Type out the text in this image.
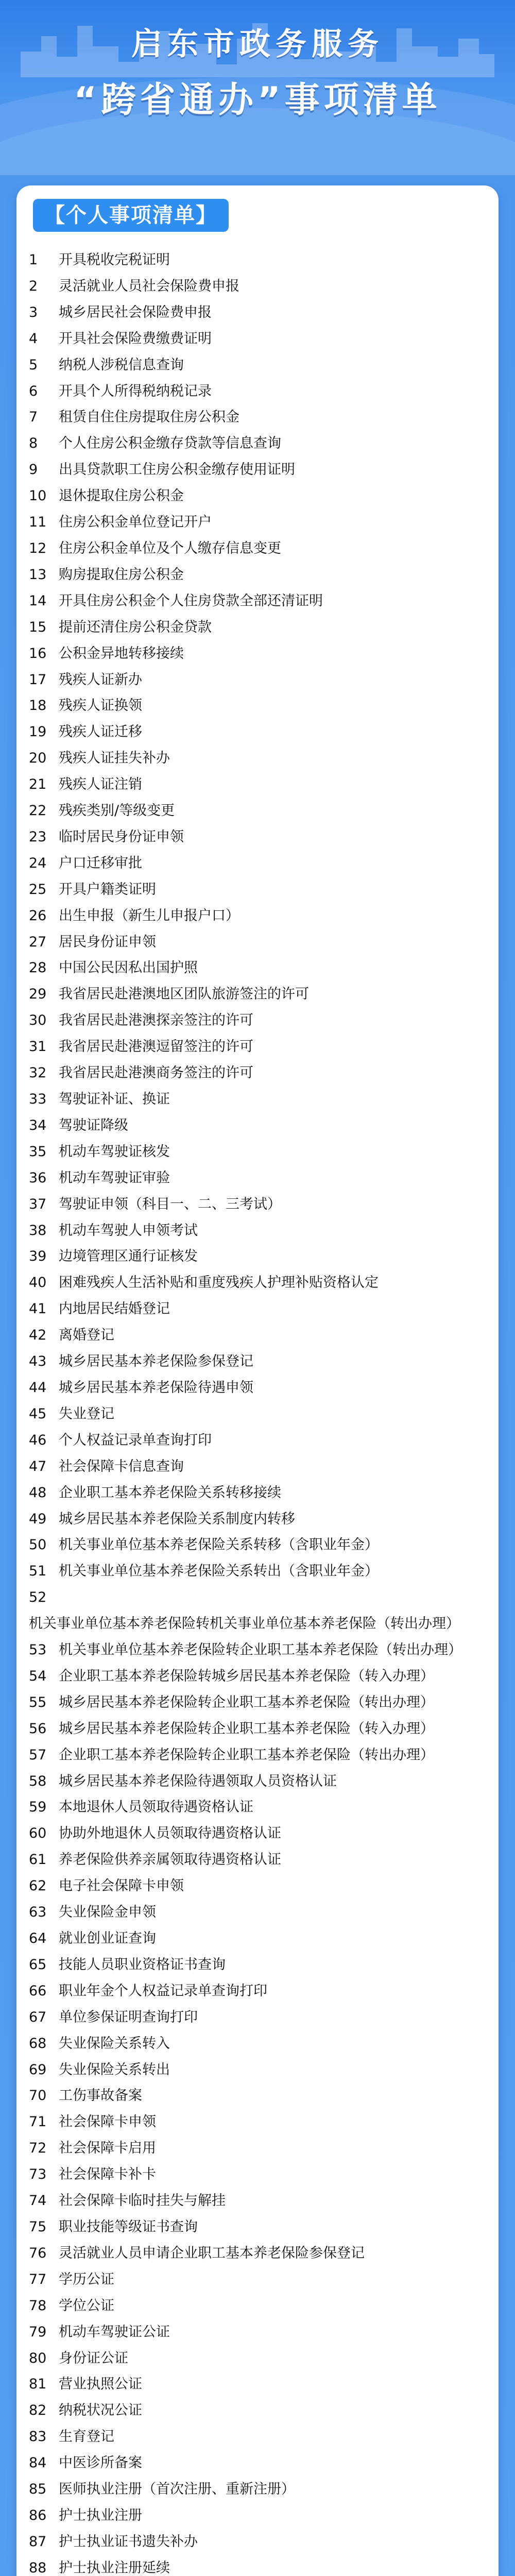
启东市政务服务
“跨省通办”事项清单
【个人事项清单】
1 开具税收完税证明
2 灵活就业人员社会保险费申报
3 城乡居民社会保险费申报
4 开具社会保险费缴费证明
5 纳税人涉税信息查询
6 开具个人所得税纳税记录
7 租赁自住住房提取住房公积金
8 个人住房公积金缴存贷款等信息查询
9 出具贷款职工住房公积金缴存使用证明
10 退休提取住房公积金
11 住房公积金单位登记开户
12 住房公积金单位及个人缴存信息变更
13 购房提取住房公积金
14 开具住房公积金个人住房贷款全部还清证明
15 提前还清住房公积金贷款
16 公积金异地转移接续
17 残疾人证新办
18 残疾人证换领
19 残疾人证迁移
20 残疾人证挂失补办
21 残疾人证注销
22 残疾类别/等级变更
23 临时居民身份证申领
24 户口迁移审批
25 开具户籍类证明
26 出生申报（新生儿申报户口）
27 居民身份证申领
28 中国公民因私出国护照
29 我省居民赴港澳地区团队旅游签注的许可
30 我省居民赴港澳探亲签注的许可
31 我省居民赴港澳逗留签注的许可
32 我省居民赴港澳商务签注的许可
33 驾驶证补证、换证
34 驾驶证降级
35 机动车驾驶证核发
36 机动车驾驶证审验
37 驾驶证申领（科目一、二、三考试）
38 机动车驾驶人申领考试
39 边境管理区通行证核发
40 困难残疾人生活补贴和重度残疾人护理补贴资格认定
41 内地居民结婚登记
42 离婚登记
43 城乡居民基本养老保险参保登记
44 城乡居民基本养老保险待遇申领
45 失业登记
46 个人权益记录单查询打印
47 社会保障卡信息查询
48 企业职工基本养老保险关系转移接续
49 城乡居民基本养老保险关系制度内转移
50 机关事业单位基本养老保险关系转移（含职业年金）
51 机关事业单位基本养老保险关系转出（含职业年金）
52机关事业单位基本养老保险转机关事业单位基本养老保险（转出办理）
53 机关事业单位基本养老保险转企业职工基本养老保险（转出办理）
54 企业职工基本养老保险转城乡居民基本养老保险（转入办理）
55 城乡居民基本养老保险转企业职工基本养老保险（转出办理）
56 城乡居民基本养老保险转企业职工基本养老保险（转入办理）
57 企业职工基本养老保险转企业职工基本养老保险（转出办理）
58 城乡居民基本养老保险待遇领取人员资格认证
59 本地退休人员领取待遇资格认证
60 协助外地退休人员领取待遇资格认证
61 养老保险供养亲属领取待遇资格认证
62 电子社会保障卡申领
63 失业保险金申领
64 就业创业证查询
65 技能人员职业资格证书查询
66 职业年金个人权益记录单查询打印
67 单位参保证明查询打印
68 失业保险关系转入
69 失业保险关系转出
70 工伤事故备案
71 社会保障卡申领
72 社会保障卡启用
73 社会保障卡补卡
74 社会保障卡临时挂失与解挂
75 职业技能等级证书查询
76 灵活就业人员申请企业职工基本养老保险参保登记
77 学历公证
78 学位公证
79 机动车驾驶证公证
80 身份证公证
81 营业执照公证
82 纳税状况公证
83 生育登记
84 中医诊所备案
85 医师执业注册（首次注册、重新注册）
86 护士执业注册
87 护士执业证书遗失补办
88 护士执业注册延续
